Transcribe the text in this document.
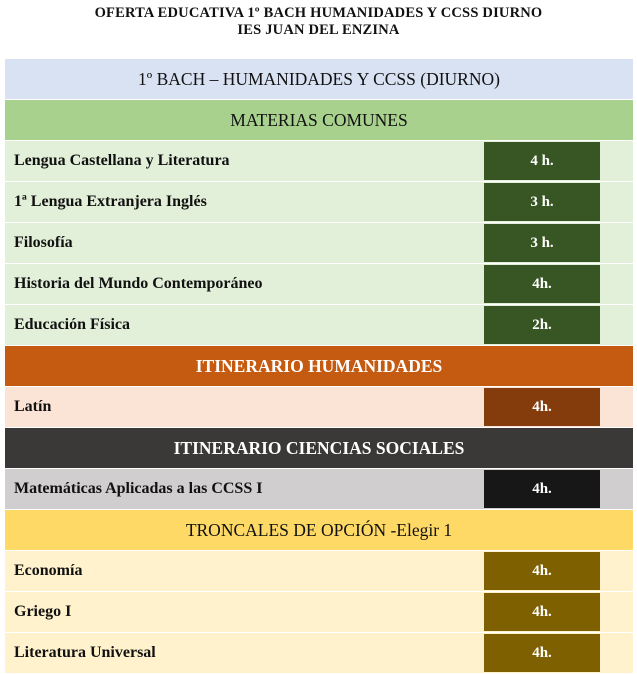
OFERTA EDUCATIVA 1º BACH HUMANIDADES Y CCSS DIURNO
IES JUAN DEL ENZINA
1º BACH – HUMANIDADES Y CCSS (DIURNO)
MATERIAS COMUNES
Lengua Castellana y Literatura	4 h.
1ª Lengua Extranjera Inglés	3 h.
Filosofía	3 h.
Historia del Mundo Contemporáneo	4h.
Educación Física	2h.
ITINERARIO HUMANIDADES
Latín	4h.
ITINERARIO CIENCIAS SOCIALES
Matemáticas Aplicadas a las CCSS I	4h.
TRONCALES DE OPCIÓN -Elegir 1
Economía	4h.
Griego I	4h.
Literatura Universal	4h.
